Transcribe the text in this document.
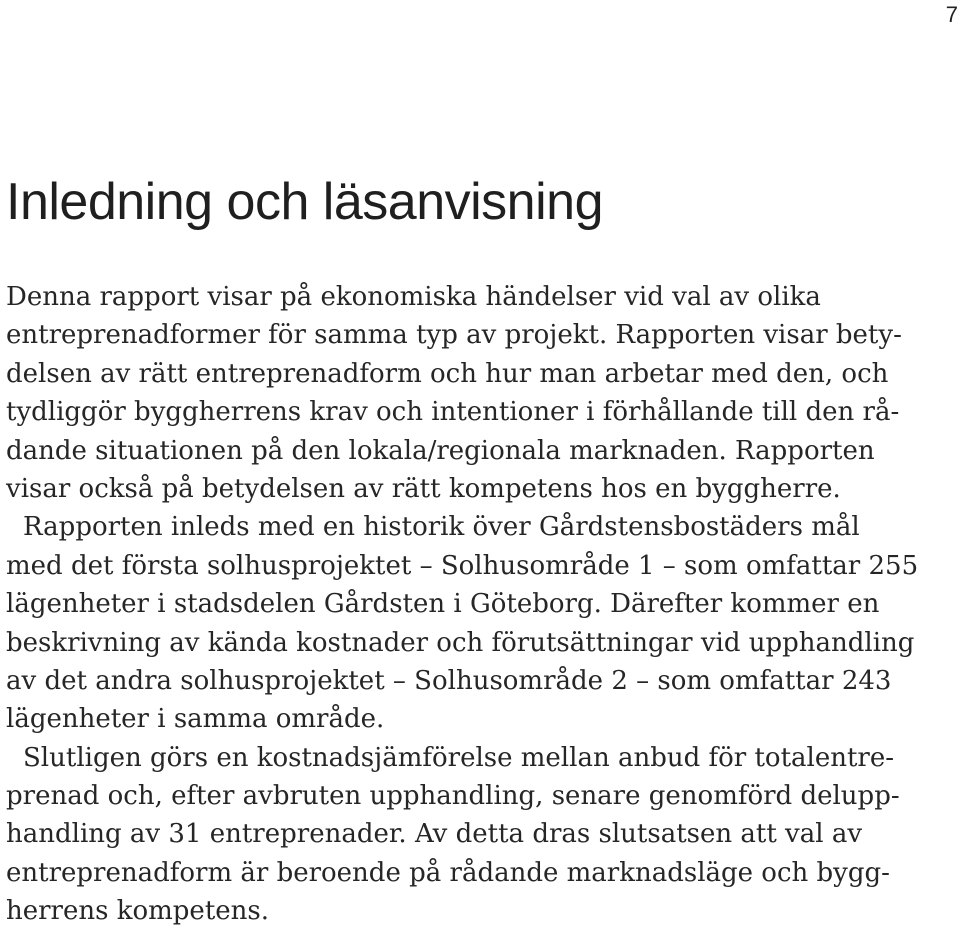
7
Inledning och läsanvisning
Denna rapport visar på ekonomiska händelser vid val av olika
entreprenadformer för samma typ av projekt. Rapporten visar bety-
delsen av rätt entreprenadform och hur man arbetar med den, och
tydliggör byggherrens krav och intentioner i förhållande till den rå-
dande situationen på den lokala/regionala marknaden. Rapporten
visar också på betydelsen av rätt kompetens hos en byggherre.
Rapporten inleds med en historik över Gårdstensbostäders mål
med det första solhusprojektet – Solhusområde 1 – som omfattar 255
lägenheter i stadsdelen Gårdsten i Göteborg. Därefter kommer en
beskrivning av kända kostnader och förutsättningar vid upphandling
av det andra solhusprojektet – Solhusområde 2 – som omfattar 243
lägenheter i samma område.
Slutligen görs en kostnadsjämförelse mellan anbud för totalentre-
prenad och, efter avbruten upphandling, senare genomförd delupp-
handling av 31 entreprenader. Av detta dras slutsatsen att val av
entreprenadform är beroende på rådande marknadsläge och bygg-
herrens kompetens.
